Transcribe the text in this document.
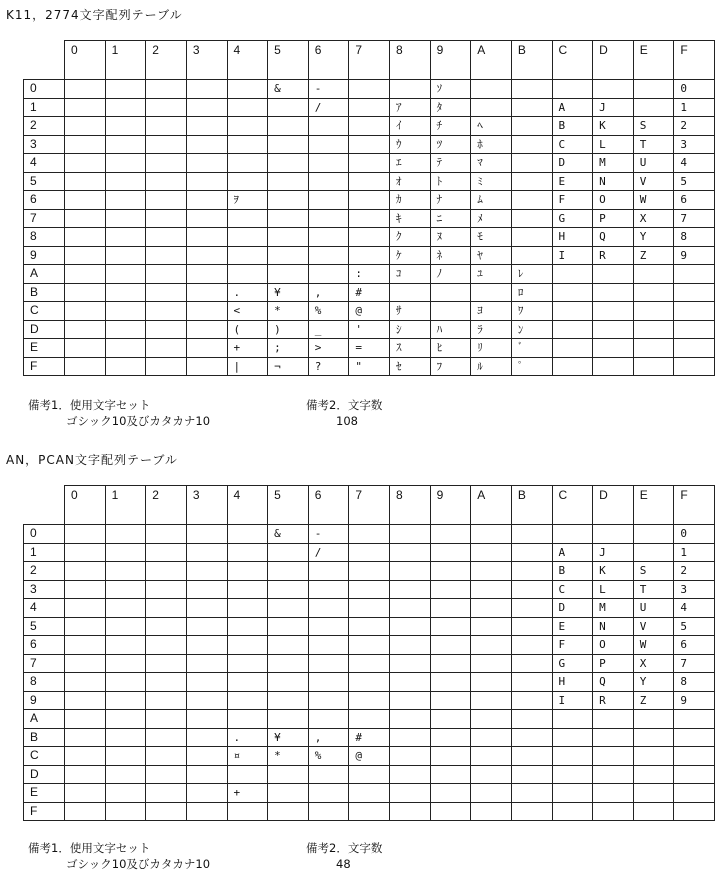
K11，2774文字配列テーブル
	0	1	2	3	4	5	6	7	8	9	A	B	C	D	E	F
0						&	-			ｿ						0
1							/		ｱ	ﾀ			A	J		1
2									ｲ	ﾁ	ﾍ		B	K	S	2
3									ｳ	ﾂ	ﾎ		C	L	T	3
4									ｴ	ﾃ	ﾏ		D	M	U	4
5									ｵ	ﾄ	ﾐ		E	N	V	5
6					ｦ				ｶ	ﾅ	ﾑ		F	O	W	6
7									ｷ	ﾆ	ﾒ		G	P	X	7
8									ｸ	ﾇ	ﾓ		H	Q	Y	8
9									ｹ	ﾈ	ﾔ		I	R	Z	9
A								:	ｺ	ﾉ	ﾕ	ﾚ				
B					.	¥	,	#				ﾛ				
C					<	*	%	@	ｻ		ﾖ	ﾜ				
D					(	)	_	'	ｼ	ﾊ	ﾗ	ﾝ				
E					+	;	>	=	ｽ	ﾋ	ﾘ	ﾞ				
F					|	¬	?	"	ｾ	ﾌ	ﾙ	ﾟ				
備考1．使用文字セット
ゴシック10及びカタカナ10
備考2．文字数
108
AN，PCAN文字配列テーブル
	0	1	2	3	4	5	6	7	8	9	A	B	C	D	E	F
0						&	-									0
1							/						A	J		1
2													B	K	S	2
3													C	L	T	3
4													D	M	U	4
5													E	N	V	5
6													F	O	W	6
7													G	P	X	7
8													H	Q	Y	8
9													I	R	Z	9
A																
B					.	¥	,	#								
C					¤	*	%	@								
D																
E					+											
F																
備考1．使用文字セット
ゴシック10及びカタカナ10
備考2．文字数
48
